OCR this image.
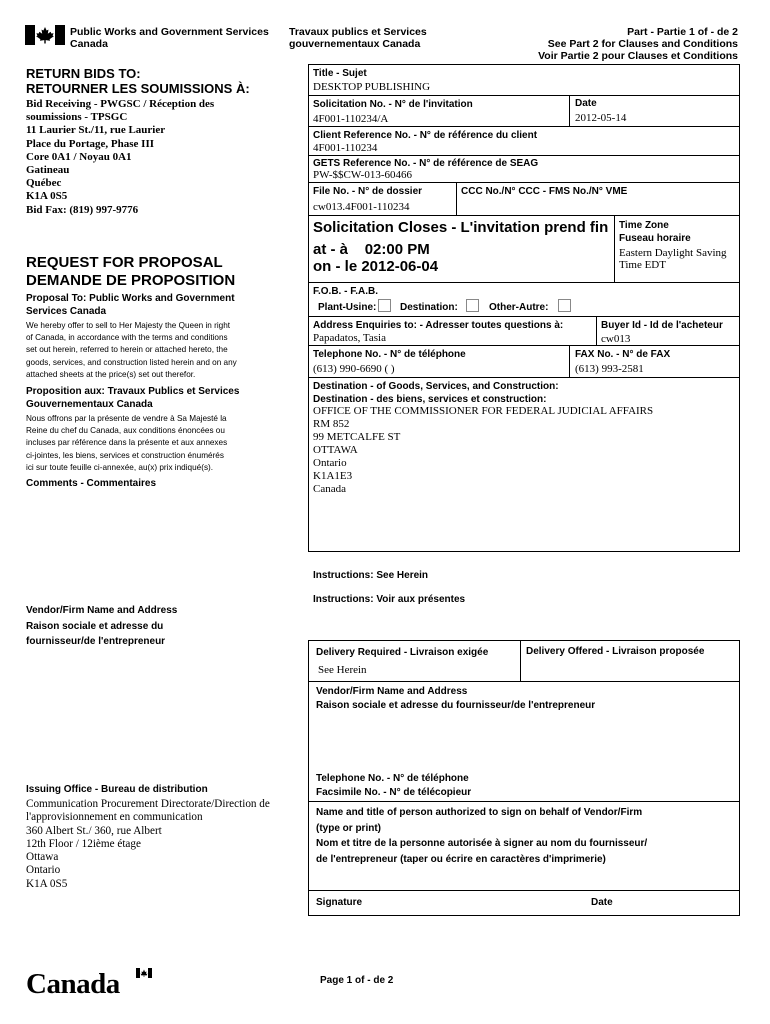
Public Works and Government Services
Canada
Travaux publics et Services
gouvernementaux Canada
Part - Partie 1 of - de 2
See Part 2 for Clauses and Conditions
Voir Partie 2 pour Clauses et Conditions
RETURN BIDS TO:
RETOURNER LES SOUMISSIONS À:
Bid Receiving - PWGSC / Réception des
soumissions - TPSGC
11 Laurier St./11, rue Laurier
Place du Portage, Phase III
Core 0A1 / Noyau 0A1
Gatineau
Québec
K1A 0S5
Bid Fax: (819) 997-9776
REQUEST FOR PROPOSAL
DEMANDE DE PROPOSITION
Proposal To: Public Works and Government
Services Canada
We hereby offer to sell to Her Majesty the Queen in right
of Canada, in accordance with the terms and conditions
set out herein, referred to herein or attached hereto, the
goods, services, and construction listed herein and on any
attached sheets at the price(s) set out therefor.
Proposition aux: Travaux Publics et Services
Gouvernementaux Canada
Nous offrons par la présente de vendre à Sa Majesté la
Reine du chef du Canada, aux conditions énoncées ou
incluses par référence dans la présente et aux annexes
ci-jointes, les biens, services et construction énumérés
ici sur toute feuille ci-annexée, au(x) prix indiqué(s).
Comments - Commentaires
Vendor/Firm Name and Address
Raison sociale et adresse du
fournisseur/de l'entrepreneur
Issuing Office - Bureau de distribution
Communication Procurement Directorate/Direction de
l'approvisionnement en communication
360 Albert St./ 360, rue Albert
12th Floor / 12ième étage
Ottawa
Ontario
K1A 0S5
Canada	Page 1 of - de 2
Title - Sujet
DESKTOP PUBLISHING
Solicitation No. - N° de l'invitation
4F001-110234/A
Date
2012-05-14
Client Reference No. - N° de référence du client
4F001-110234
GETS Reference No. - N° de référence de SEAG
PW-$$CW-013-60466
File No. - N° de dossier
cw013.4F001-110234
CCC No./N° CCC - FMS No./N° VME
Solicitation Closes - L'invitation prend fin
at - à 02:00 PM
on - le 2012-06-04
Time Zone
Fuseau horaire
Eastern Daylight Saving
Time EDT
F.O.B. - F.A.B.
Plant-Usine: Destination:	Other-Autre:
Address Enquiries to: - Adresser toutes questions à:
Papadatos, Tasia
Buyer Id - Id de l'acheteur
cw013
Telephone No. - N° de téléphone
(613) 990-6690 ( )
FAX No. - N° de FAX
(613) 993-2581
Destination - of Goods, Services, and Construction:
Destination - des biens, services et construction:
OFFICE OF THE COMMISSIONER FOR FEDERAL JUDICIAL AFFAIRS
RM 852
99 METCALFE ST
OTTAWA
Ontario
K1A1E3
Canada
Instructions: See Herein
Instructions: Voir aux présentes
Delivery Required - Livraison exigée
See Herein
Delivery Offered - Livraison proposée
Vendor/Firm Name and Address
Raison sociale et adresse du fournisseur/de l'entrepreneur
Telephone No. - N° de téléphone
Facsimile No. - N° de télécopieur
Name and title of person authorized to sign on behalf of Vendor/Firm
(type or print)
Nom et titre de la personne autorisée à signer au nom du fournisseur/
de l'entrepreneur (taper ou écrire en caractères d'imprimerie)
Signature	Date
